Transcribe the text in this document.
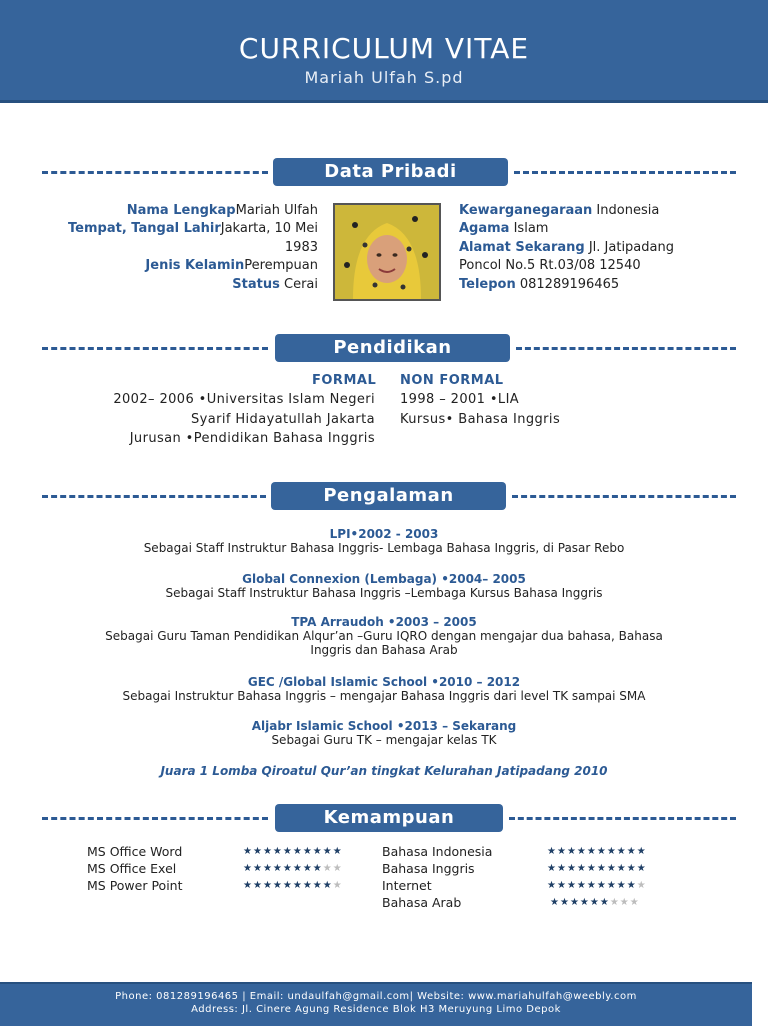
CURRICULUM VITAE
Mariah Ulfah S.pd
Data Pribadi
Nama LengkapMariah Ulfah
Tempat, Tangal LahirJakarta, 10 Mei
1983
Jenis KelaminPerempuan
Status Cerai
Kewarganegaraan Indonesia
Agama Islam
Alamat Sekarang Jl. Jatipadang
Poncol No.5 Rt.03/08 12540
Telepon 081289196465
Pendidikan
FORMAL NON FORMAL
2002– 2006 •Universitas Islam Negeri
Syarif Hidayatullah Jakarta
Jurusan •Pendidikan Bahasa Inggris
1998 – 2001 •LIA
Kursus• Bahasa Inggris
Pengalaman
LPI•2002 - 2003
Sebagai Staff Instruktur Bahasa Inggris- Lembaga Bahasa Inggris, di Pasar Rebo
Global Connexion (Lembaga) •2004– 2005
Sebagai Staff Instruktur Bahasa Inggris –Lembaga Kursus Bahasa Inggris
TPA Arraudoh •2003 – 2005
Sebagai Guru Taman Pendidikan Alqur’an –Guru IQRO dengan mengajar dua bahasa, Bahasa
Inggris dan Bahasa Arab
GEC /Global Islamic School •2010 – 2012
Sebagai Instruktur Bahasa Inggris – mengajar Bahasa Inggris dari level TK sampai SMA
Aljabr Islamic School •2013 – Sekarang
Sebagai Guru TK – mengajar kelas TK
Juara 1 Lomba Qiroatul Qur’an tingkat Kelurahan Jatipadang 2010
Kemampuan
MS Office Word
MS Office Exel
MS Power Point
★★★★★★★★★★
★★★★★★★★★★
★★★★★★★★★★
Bahasa Indonesia
Bahasa Inggris
Internet
Bahasa Arab
★★★★★★★★★★
★★★★★★★★★★
★★★★★★★★★★
★★★★★★★★★
Phone: 081289196465 | Email: undaulfah@gmail.com| Website: www.mariahulfah@weebly.com
Address: Jl. Cinere Agung Residence Blok H3 Meruyung Limo Depok
